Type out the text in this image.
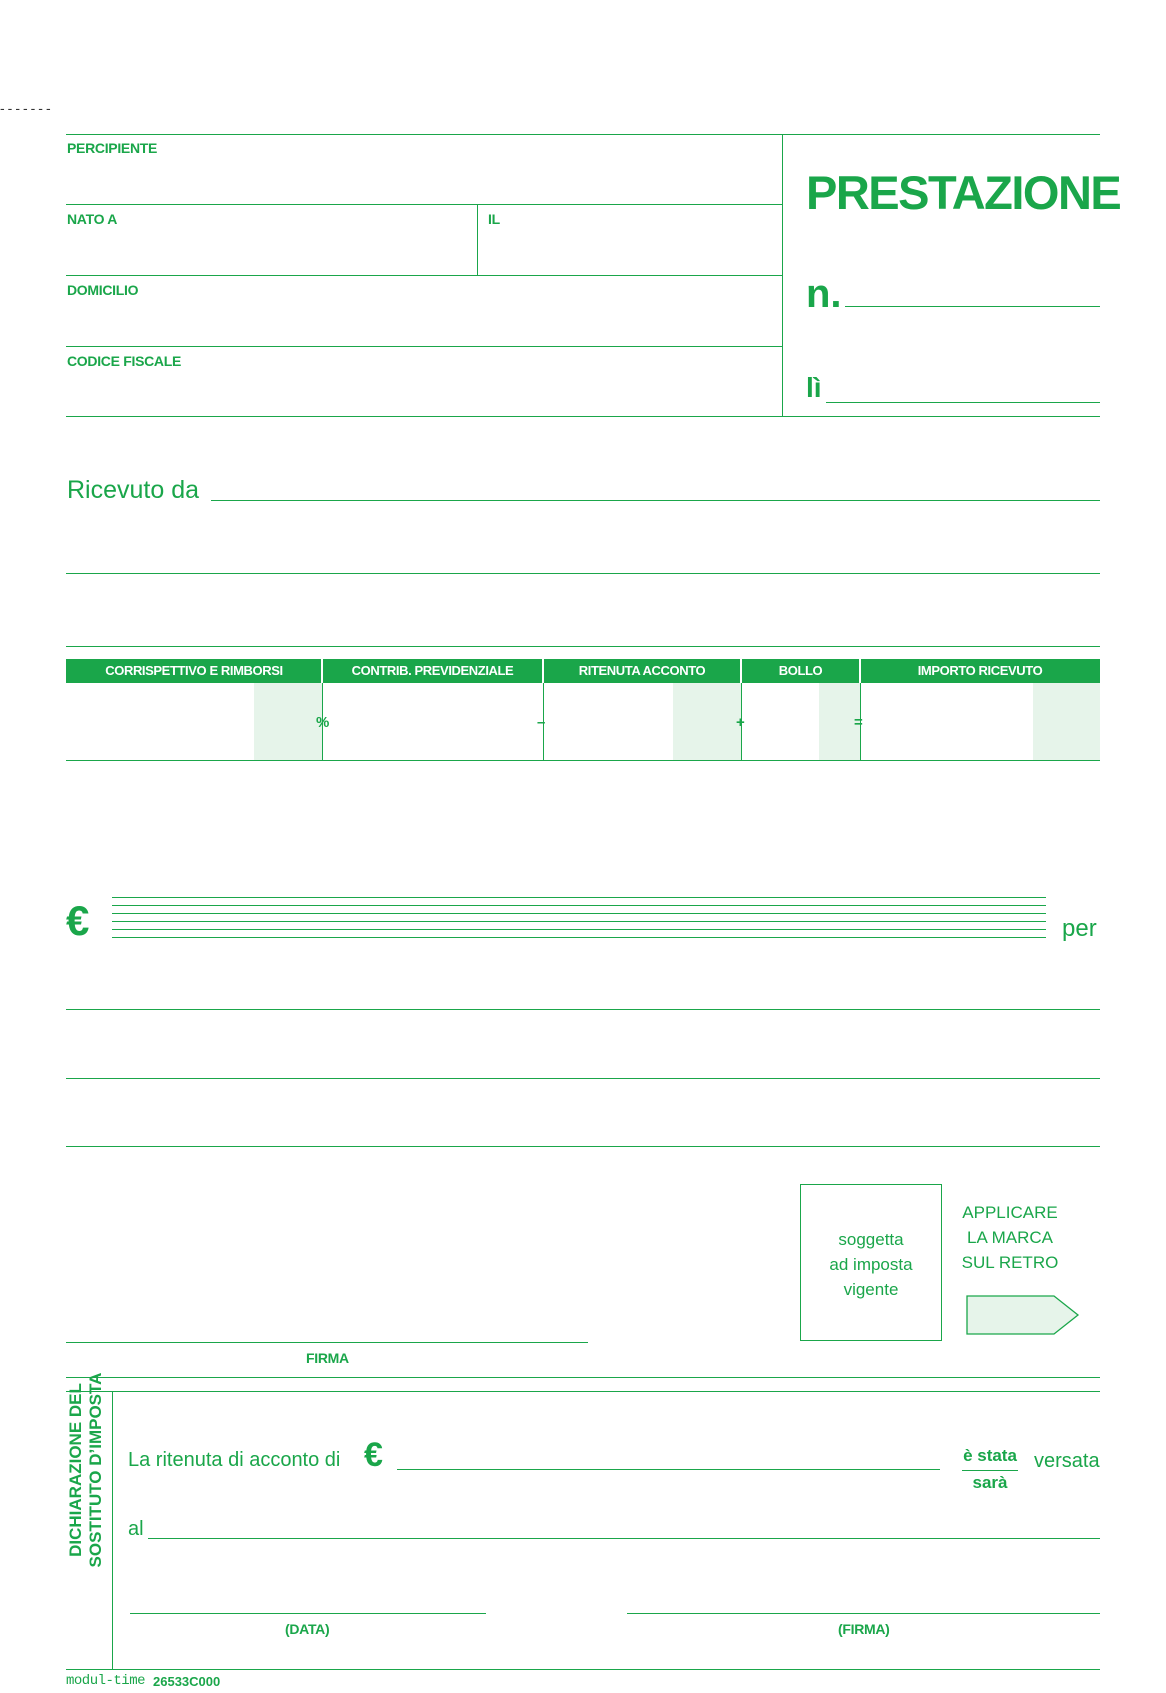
-------
PERCIPIENTE
NATO A	IL
DOMICILIO
CODICE FISCALE
PRESTAZIONE
n.
lì
Ricevuto da
CORRISPETTIVO E RIMBORSI	CONTRIB. PREVIDENZIALE	RITENUTA ACCONTO	BOLLO	IMPORTO RICEVUTO
%	–	+	=
€	per
FIRMA
soggetta
ad imposta
vigente
APPLICARE
LA MARCA
SUL RETRO
DICHIARAZIONE DEL SOSTITUTO D’IMPOSTA La ritenuta di acconto di €	è stata
sarà
versata
al
(DATA)	(FIRMA)
modul-time 26533C000
